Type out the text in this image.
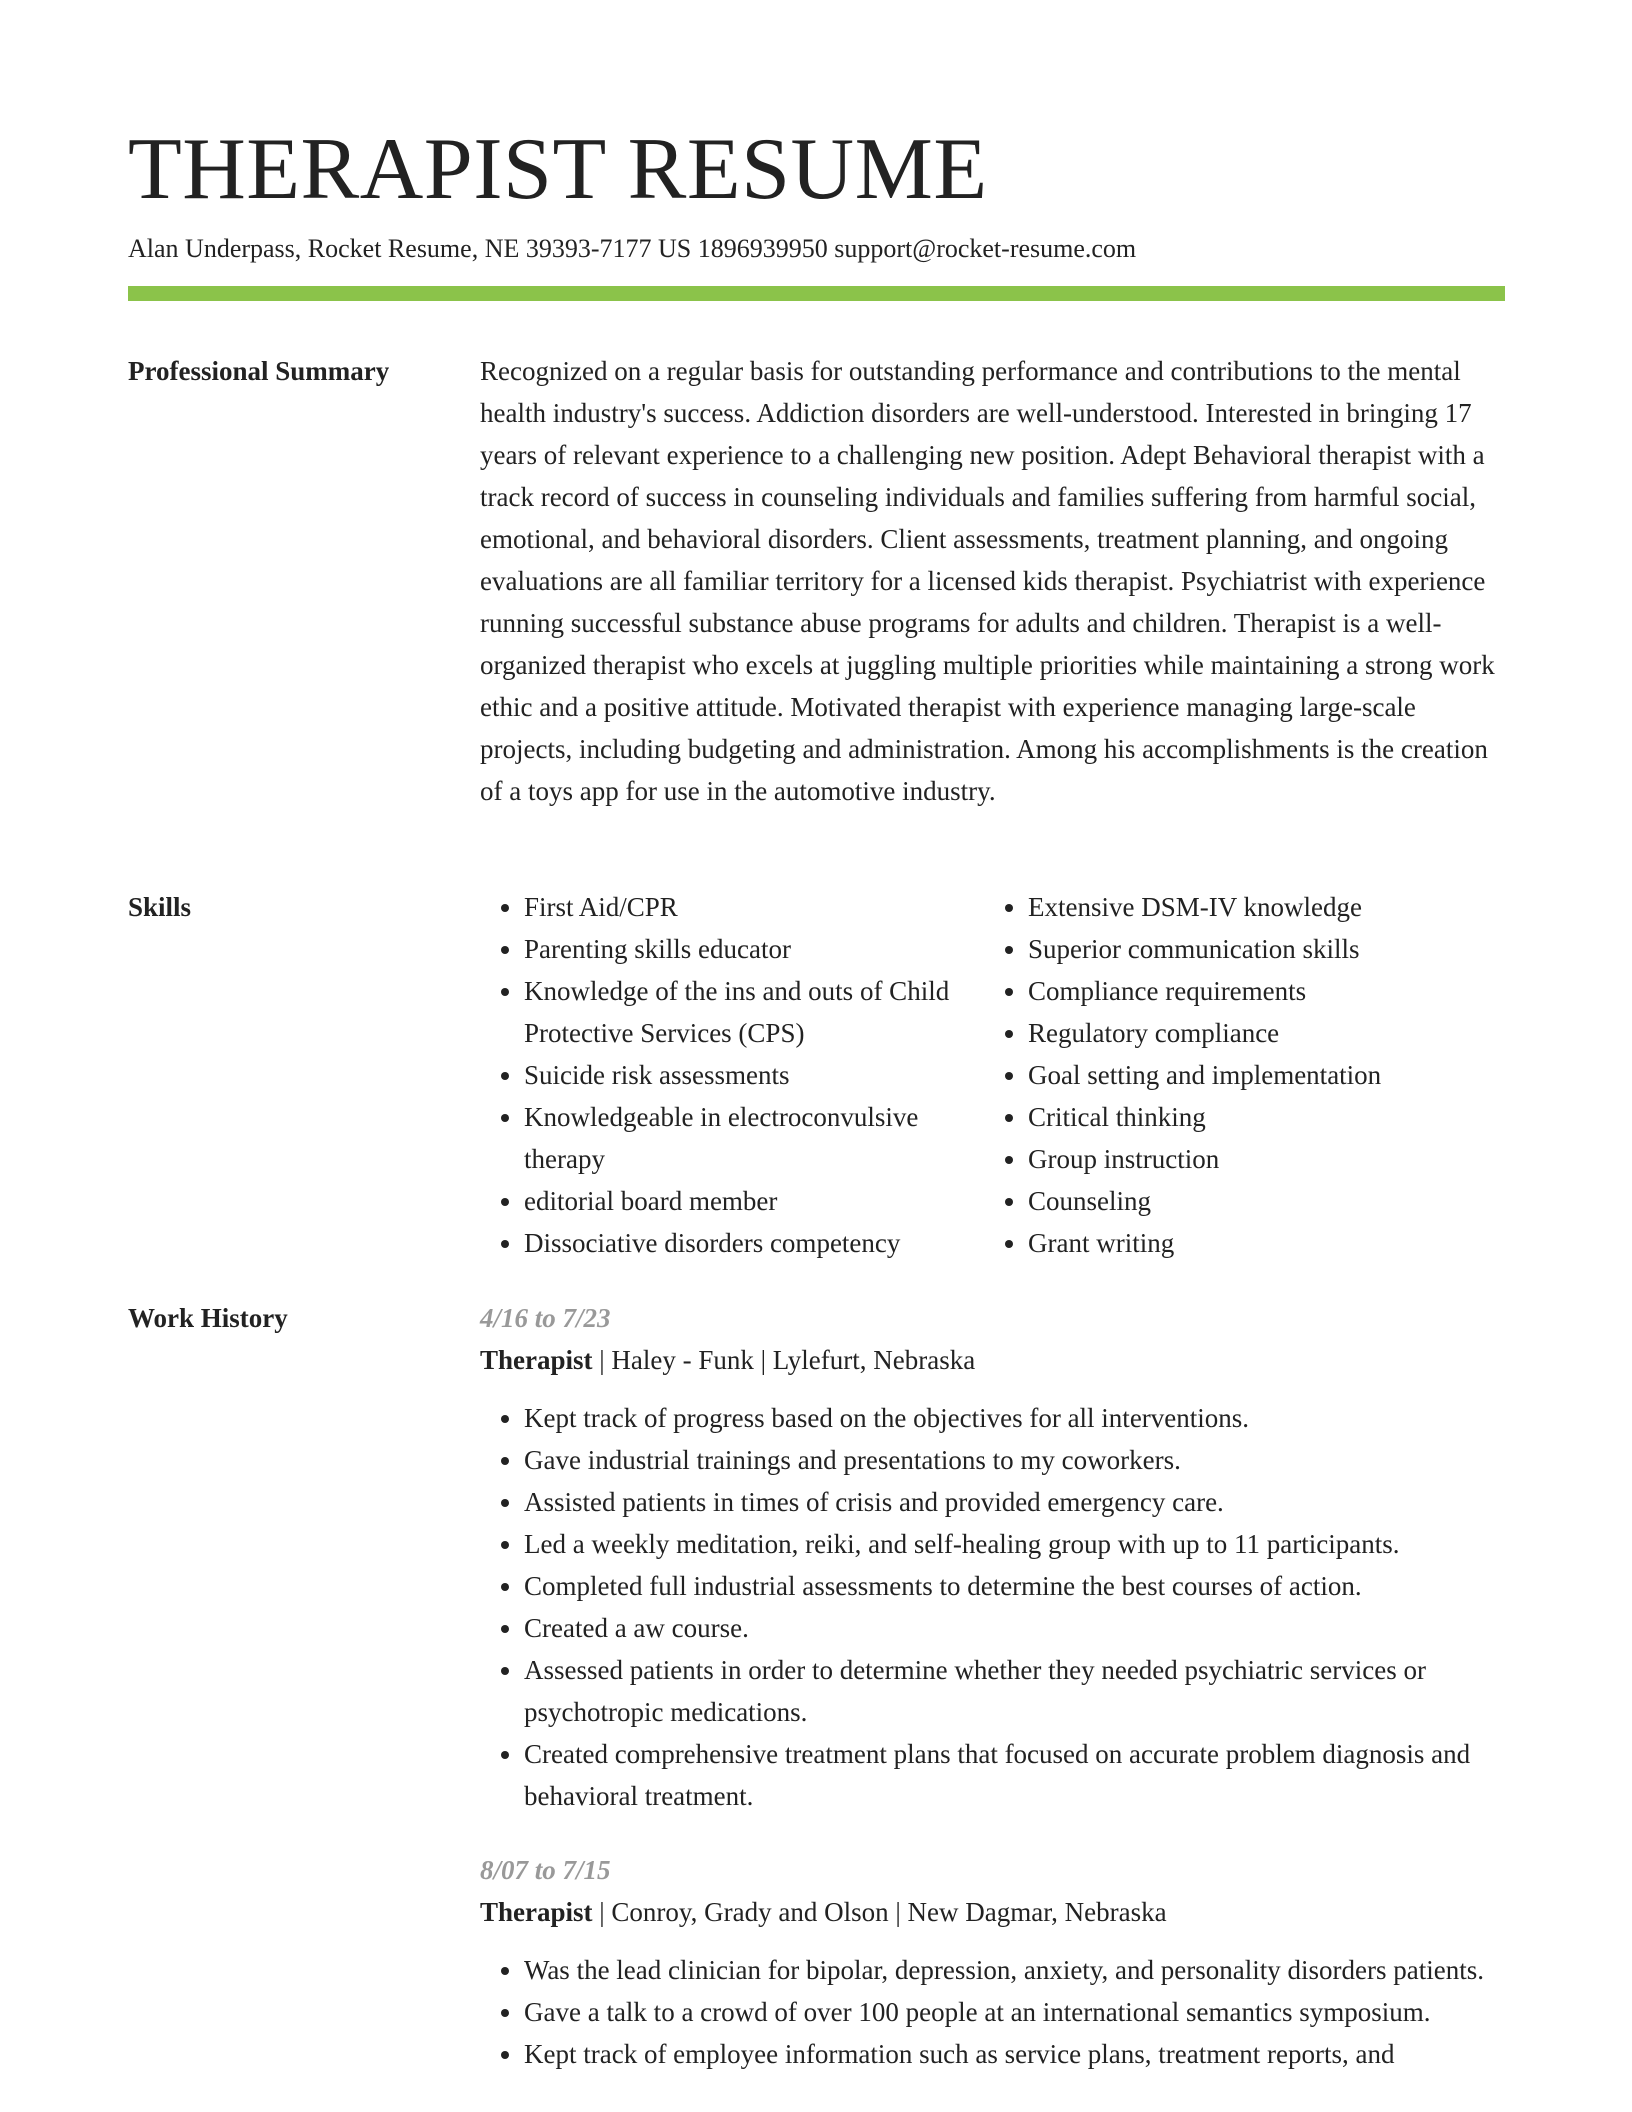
THERAPIST RESUME
Alan Underpass, Rocket Resume, NE 39393-7177 US 1896939950 support@rocket-resume.com
Professional Summary	Recognized on a regular basis for outstanding performance and contributions to the mental health industry's success. Addiction disorders are well-understood. Interested in bringing 17 years of relevant experience to a challenging new position. Adept Behavioral therapist with a track record of success in counseling individuals and families suffering from harmful social, emotional, and behavioral disorders. Client assessments, treatment planning, and ongoing evaluations are all familiar territory for a licensed kids therapist. Psychiatrist with experience running successful substance abuse programs for adults and children. Therapist is a well-organized therapist who excels at juggling multiple priorities while maintaining a strong work ethic and a positive attitude. Motivated therapist with experience managing large-scale projects, including budgeting and administration. Among his accomplishments is the creation of a toys app for use in the automotive industry.

Skills
•	First Aid/CPR
• Parenting skills educator
• Knowledge of the ins and outs of Child Protective Services (CPS)
• Suicide risk assessments
• Knowledgeable in electroconvulsive therapy
• editorial board member
• Dissociative disorders competency
• Extensive DSM-IV knowledge
• Superior communication skills
• Compliance requirements
• Regulatory compliance
• Goal setting and implementation
• Critical thinking
• Group instruction
• Counseling
• Grant writing
Work History	4/16 to 7/23

Therapist | Haley - Funk | Lylefurt, Nebraska

• Kept track of progress based on the objectives for all interventions.
• Gave industrial trainings and presentations to my coworkers.
• Assisted patients in times of crisis and provided emergency care.
• Led a weekly meditation, reiki, and self-healing group with up to 11 participants.
• Completed full industrial assessments to determine the best courses of action.
• Created a aw course.
• Assessed patients in order to determine whether they needed psychiatric services or psychotropic medications.
• Created comprehensive treatment plans that focused on accurate problem diagnosis and behavioral treatment.
8/07 to 7/15

Therapist | Conroy, Grady and Olson | New Dagmar, Nebraska

• Was the lead clinician for bipolar, depression, anxiety, and personality disorders patients.
• Gave a talk to a crowd of over 100 people at an international semantics symposium.
• Kept track of employee information such as service plans, treatment reports, and
